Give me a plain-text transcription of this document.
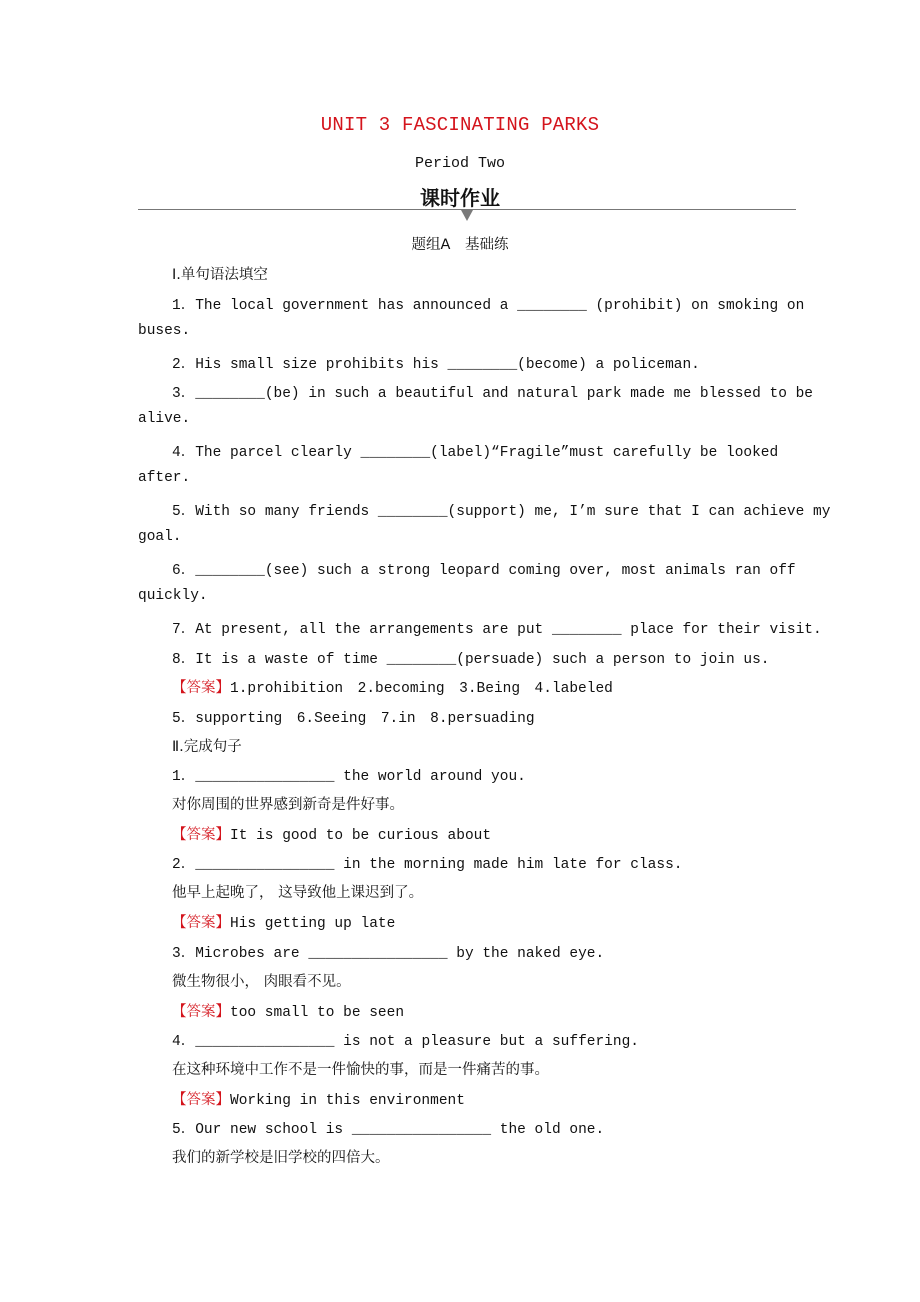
UNIT 3 FASCINATING PARKS
Period Two
课时作业
题组A　基础练
Ⅰ.单句语法填空
1．The local government has announced a ________ (prohibit) on smoking on
buses.
2．His small size prohibits his ________(become) a policeman.
3．________(be) in such a beautiful and natural park made me blessed to be
alive.
4．The parcel clearly ________(label)“Fragile”must carefully be looked
after.
5．With so many friends ________(support) me, I’m sure that I can achieve my
goal.
6．________(see) such a strong leopard coming over, most animals ran off
quickly.
7．At present, all the arrangements are put ________ place for their visit.
8．It is a waste of time ________(persuade) such a person to join us.
【答案】1.prohibition　2.becoming　3.Being　4.labeled
5．supporting　6.Seeing　7.in　8.persuading
Ⅱ.完成句子
1．________________ the world around you.
对你周围的世界感到新奇是件好事。
【答案】It is good to be curious about
2．________________ in the morning made him late for class.
他早上起晚了， 这导致他上课迟到了。
【答案】His getting up late
3．Microbes are ________________ by the naked eye.
微生物很小， 肉眼看不见。
【答案】too small to be seen
4．________________ is not a pleasure but a suffering.
在这种环境中工作不是一件愉快的事，而是一件痛苦的事。
【答案】Working in this environment
5．Our new school is ________________ the old one.
我们的新学校是旧学校的四倍大。
